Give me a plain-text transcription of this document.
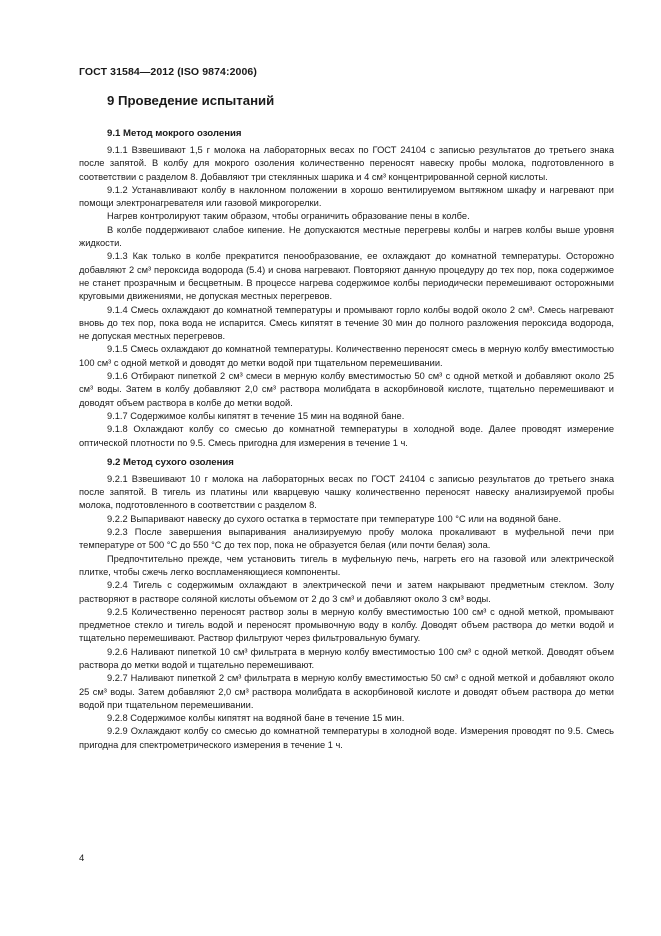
ГОСТ 31584—2012 (ISO 9874:2006)
9 Проведение испытаний
9.1 Метод мокрого озоления

9.1.1 Взвешивают 1,5 г молока на лабораторных весах по ГОСТ 24104 с записью результатов до третьего знака после запятой. В колбу для мокрого озоления количественно переносят навеску пробы молока, подготовленного в соответствии с разделом 8. Добавляют три стеклянных шарика и 4 см³ концентрированной серной кислоты.

9.1.2 Устанавливают колбу в наклонном положении в хорошо вентилируемом вытяжном шкафу и нагревают при помощи электронагревателя или газовой микрогорелки.

Нагрев контролируют таким образом, чтобы ограничить образование пены в колбе.

В колбе поддерживают слабое кипение. Не допускаются местные перегревы колбы и нагрев колбы выше уровня жидкости.

9.1.3 Как только в колбе прекратится пенообразование, ее охлаждают до комнатной температуры. Осторожно добавляют 2 см³ пероксида водорода (5.4) и снова нагревают. Повторяют данную процедуру до тех пор, пока содержимое не станет прозрачным и бесцветным. В процессе нагрева содержимое колбы периодически перемешивают осторожными круговыми движениями, не допуская местных перегревов.

9.1.4 Смесь охлаждают до комнатной температуры и промывают горло колбы водой около 2 см³. Смесь нагревают вновь до тех пор, пока вода не испарится. Смесь кипятят в течение 30 мин до полного разложения пероксида водорода, не допуская местных перегревов.

9.1.5 Смесь охлаждают до комнатной температуры. Количественно переносят смесь в мерную колбу вместимостью 100 см³ с одной меткой и доводят до метки водой при тщательном перемешивании.

9.1.6 Отбирают пипеткой 2 см³ смеси в мерную колбу вместимостью 50 см³ с одной меткой и добавляют около 25 см³ воды. Затем в колбу добавляют 2,0 см³ раствора молибдата в аскорбиновой кислоте, тщательно перемешивают и доводят объем раствора в колбе до метки водой.

9.1.7 Содержимое колбы кипятят в течение 15 мин на водяной бане.

9.1.8 Охлаждают колбу со смесью до комнатной температуры в холодной воде. Далее проводят измерение оптической плотности по 9.5. Смесь пригодна для измерения в течение 1 ч.

9.2 Метод сухого озоления

9.2.1 Взвешивают 10 г молока на лабораторных весах по ГОСТ 24104 с записью результатов до третьего знака после запятой. В тигель из платины или кварцевую чашку количественно переносят навеску анализируемой пробы молока, подготовленного в соответствии с разделом 8.

9.2.2 Выпаривают навеску до сухого остатка в термостате при температуре 100 °С или на водяной бане.

9.2.3 После завершения выпаривания анализируемую пробу молока прокаливают в муфельной печи при температуре от 500 °С до 550 °С до тех пор, пока не образуется белая (или почти белая) зола.

Предпочтительно прежде, чем установить тигель в муфельную печь, нагреть его на газовой или электрической плитке, чтобы сжечь легко воспламеняющиеся компоненты.

9.2.4 Тигель с содержимым охлаждают в электрической печи и затем накрывают предметным стеклом. Золу растворяют в растворе соляной кислоты объемом от 2 до 3 см³ и добавляют около 3 см³ воды.

9.2.5 Количественно переносят раствор золы в мерную колбу вместимостью 100 см³ с одной меткой, промывают предметное стекло и тигель водой и переносят промывочную воду в колбу. Доводят объем раствора до метки водой и тщательно перемешивают. Раствор фильтруют через фильтровальную бумагу.

9.2.6 Наливают пипеткой 10 см³ фильтрата в мерную колбу вместимостью 100 см³ с одной меткой. Доводят объем раствора до метки водой и тщательно перемешивают.

9.2.7 Наливают пипеткой 2 см³ фильтрата в мерную колбу вместимостью 50 см³ с одной меткой и добавляют около 25 см³ воды. Затем добавляют 2,0 см³ раствора молибдата в аскорбиновой кислоте и доводят объем раствора до метки водой при тщательном перемешивании.

9.2.8 Содержимое колбы кипятят на водяной бане в течение 15 мин.

9.2.9 Охлаждают колбу со смесью до комнатной температуры в холодной воде. Измерения проводят по 9.5. Смесь пригодна для спектрометрического измерения в течение 1 ч.

4
